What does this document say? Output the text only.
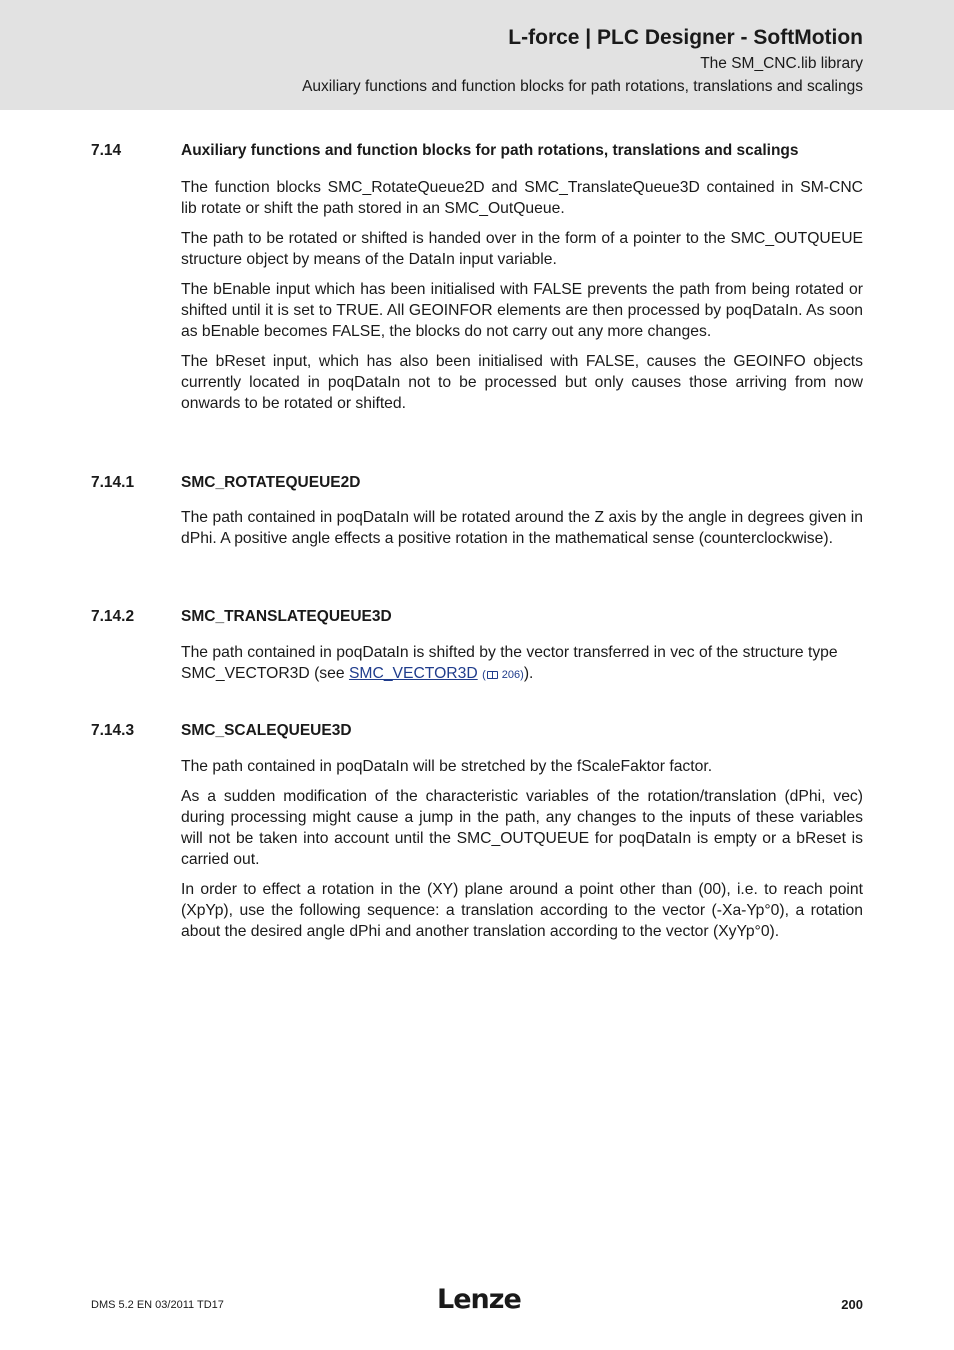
L-force | PLC Designer - SoftMotion
The SM_CNC.lib library
Auxiliary functions and function blocks for path rotations, translations and scalings
7.14	Auxiliary functions and function blocks for path rotations, translations and scalings

The function blocks SMC_RotateQueue2D and SMC_TranslateQueue3D contained in SM-CNC lib rotate or shift the path stored in an SMC_OutQueue.

The path to be rotated or shifted is handed over in the form of a pointer to the SMC_OUTQUEUE structure object by means of the DataIn input variable.

The bEnable input which has been initialised with FALSE prevents the path from being rotated or shifted until it is set to TRUE. All GEOINFOR elements are then processed by poqDataIn. As soon as bEnable becomes FALSE, the blocks do not carry out any more changes.

The bReset input, which has also been initialised with FALSE, causes the GEOINFO objects currently located in poqDataIn not to be processed but only causes those arriving from now onwards to be rotated or shifted.

7.14.1	SMC_ROTATEQUEUE2D

The path contained in poqDataIn will be rotated around the Z axis by the angle in degrees given in dPhi. A positive angle effects a positive rotation in the mathematical sense (counterclockwise).

7.14.2	SMC_TRANSLATEQUEUE3D

The path contained in poqDataIn is shifted by the vector transferred in vec of the structure type SMC_VECTOR3D (see SMC_VECTOR3D ( 206)).

7.14.3	SMC_SCALEQUEUE3D

The path contained in poqDataIn will be stretched by the fScaleFaktor factor.

As a sudden modification of the characteristic variables of the rotation/translation (dPhi, vec) during processing might cause a jump in the path, any changes to the inputs of these variables will not be taken into account until the SMC_OUTQUEUE for poqDataIn is empty or a bReset is carried out.

In order to effect a rotation in the (XY) plane around a point other than (00), i.e. to reach point (XpYp), use the following sequence: a translation according to the vector (-Xa-Yp°0), a rotation about the desired angle dPhi and another translation according to the vector (XyYp°0).

DMS 5.2 EN 03/2011 TD17	Lenze	200
